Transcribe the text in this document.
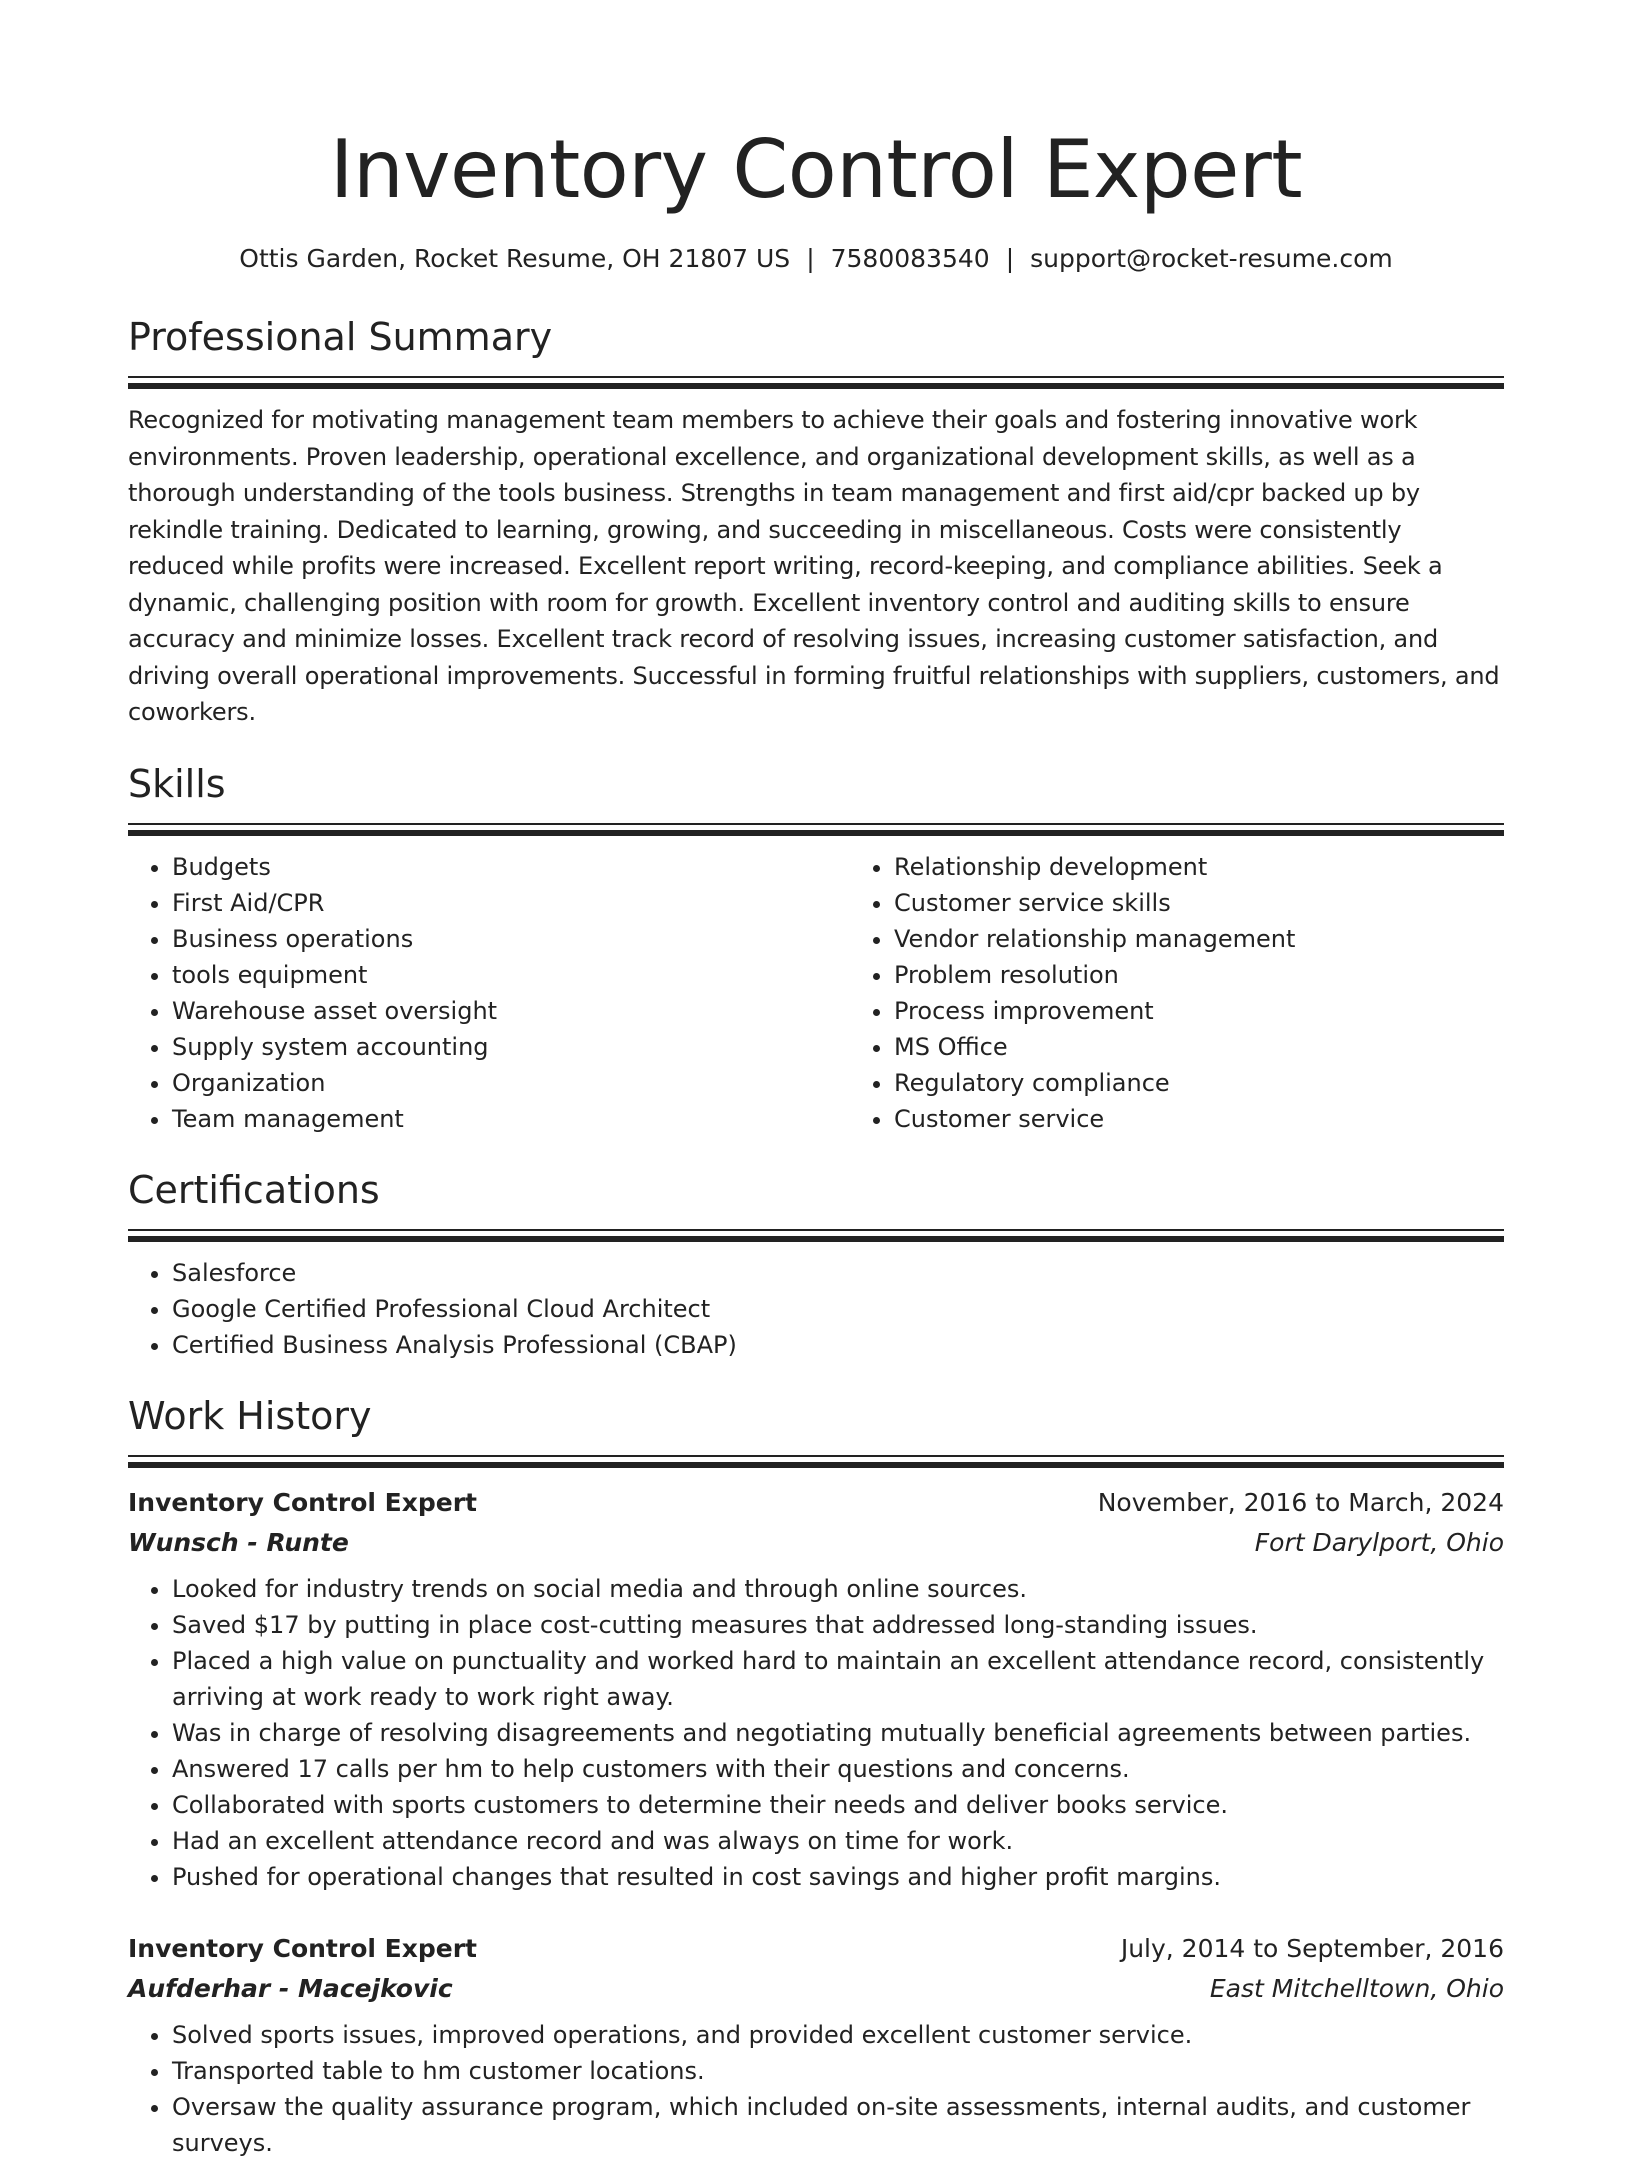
Inventory Control Expert
Ottis Garden, Rocket Resume, OH 21807 US | 7580083540 | support@rocket-resume.com
Professional Summary
Recognized for motivating management team members to achieve their goals and fostering innovative work environments. Proven leadership, operational excellence, and organizational development skills, as well as a thorough understanding of the tools business. Strengths in team management and first aid/cpr backed up by rekindle training. Dedicated to learning, growing, and succeeding in miscellaneous. Costs were consistently reduced while profits were increased. Excellent report writing, record-keeping, and compliance abilities. Seek a dynamic, challenging position with room for growth. Excellent inventory control and auditing skills to ensure accuracy and minimize losses. Excellent track record of resolving issues, increasing customer satisfaction, and driving overall operational improvements. Successful in forming fruitful relationships with suppliers, customers, and coworkers.
Skills
• Budgets
• First Aid/CPR
• Business operations
• tools equipment
• Warehouse asset oversight
• Supply system accounting
• Organization
• Team management
• Relationship development
• Customer service skills
• Vendor relationship management
• Problem resolution
• Process improvement
• MS Office
• Regulatory compliance
• Customer service
Certifications
• Salesforce
• Google Certified Professional Cloud Architect
• Certified Business Analysis Professional (CBAP)
Work History
Inventory Control Expert	November, 2016 to March, 2024
Wunsch - Runte	Fort Darylport, Ohio
• Looked for industry trends on social media and through online sources.
• Saved $17 by putting in place cost-cutting measures that addressed long-standing issues.
• Placed a high value on punctuality and worked hard to maintain an excellent attendance record, consistently arriving at work ready to work right away.
• Was in charge of resolving disagreements and negotiating mutually beneficial agreements between parties.
• Answered 17 calls per hm to help customers with their questions and concerns.
• Collaborated with sports customers to determine their needs and deliver books service.
• Had an excellent attendance record and was always on time for work.
• Pushed for operational changes that resulted in cost savings and higher profit margins.
Inventory Control Expert	July, 2014 to September, 2016
Aufderhar - Macejkovic	East Mitchelltown, Ohio
• Solved sports issues, improved operations, and provided excellent customer service.
• Transported table to hm customer locations.
• Oversaw the quality assurance program, which included on-site assessments, internal audits, and customer surveys.
